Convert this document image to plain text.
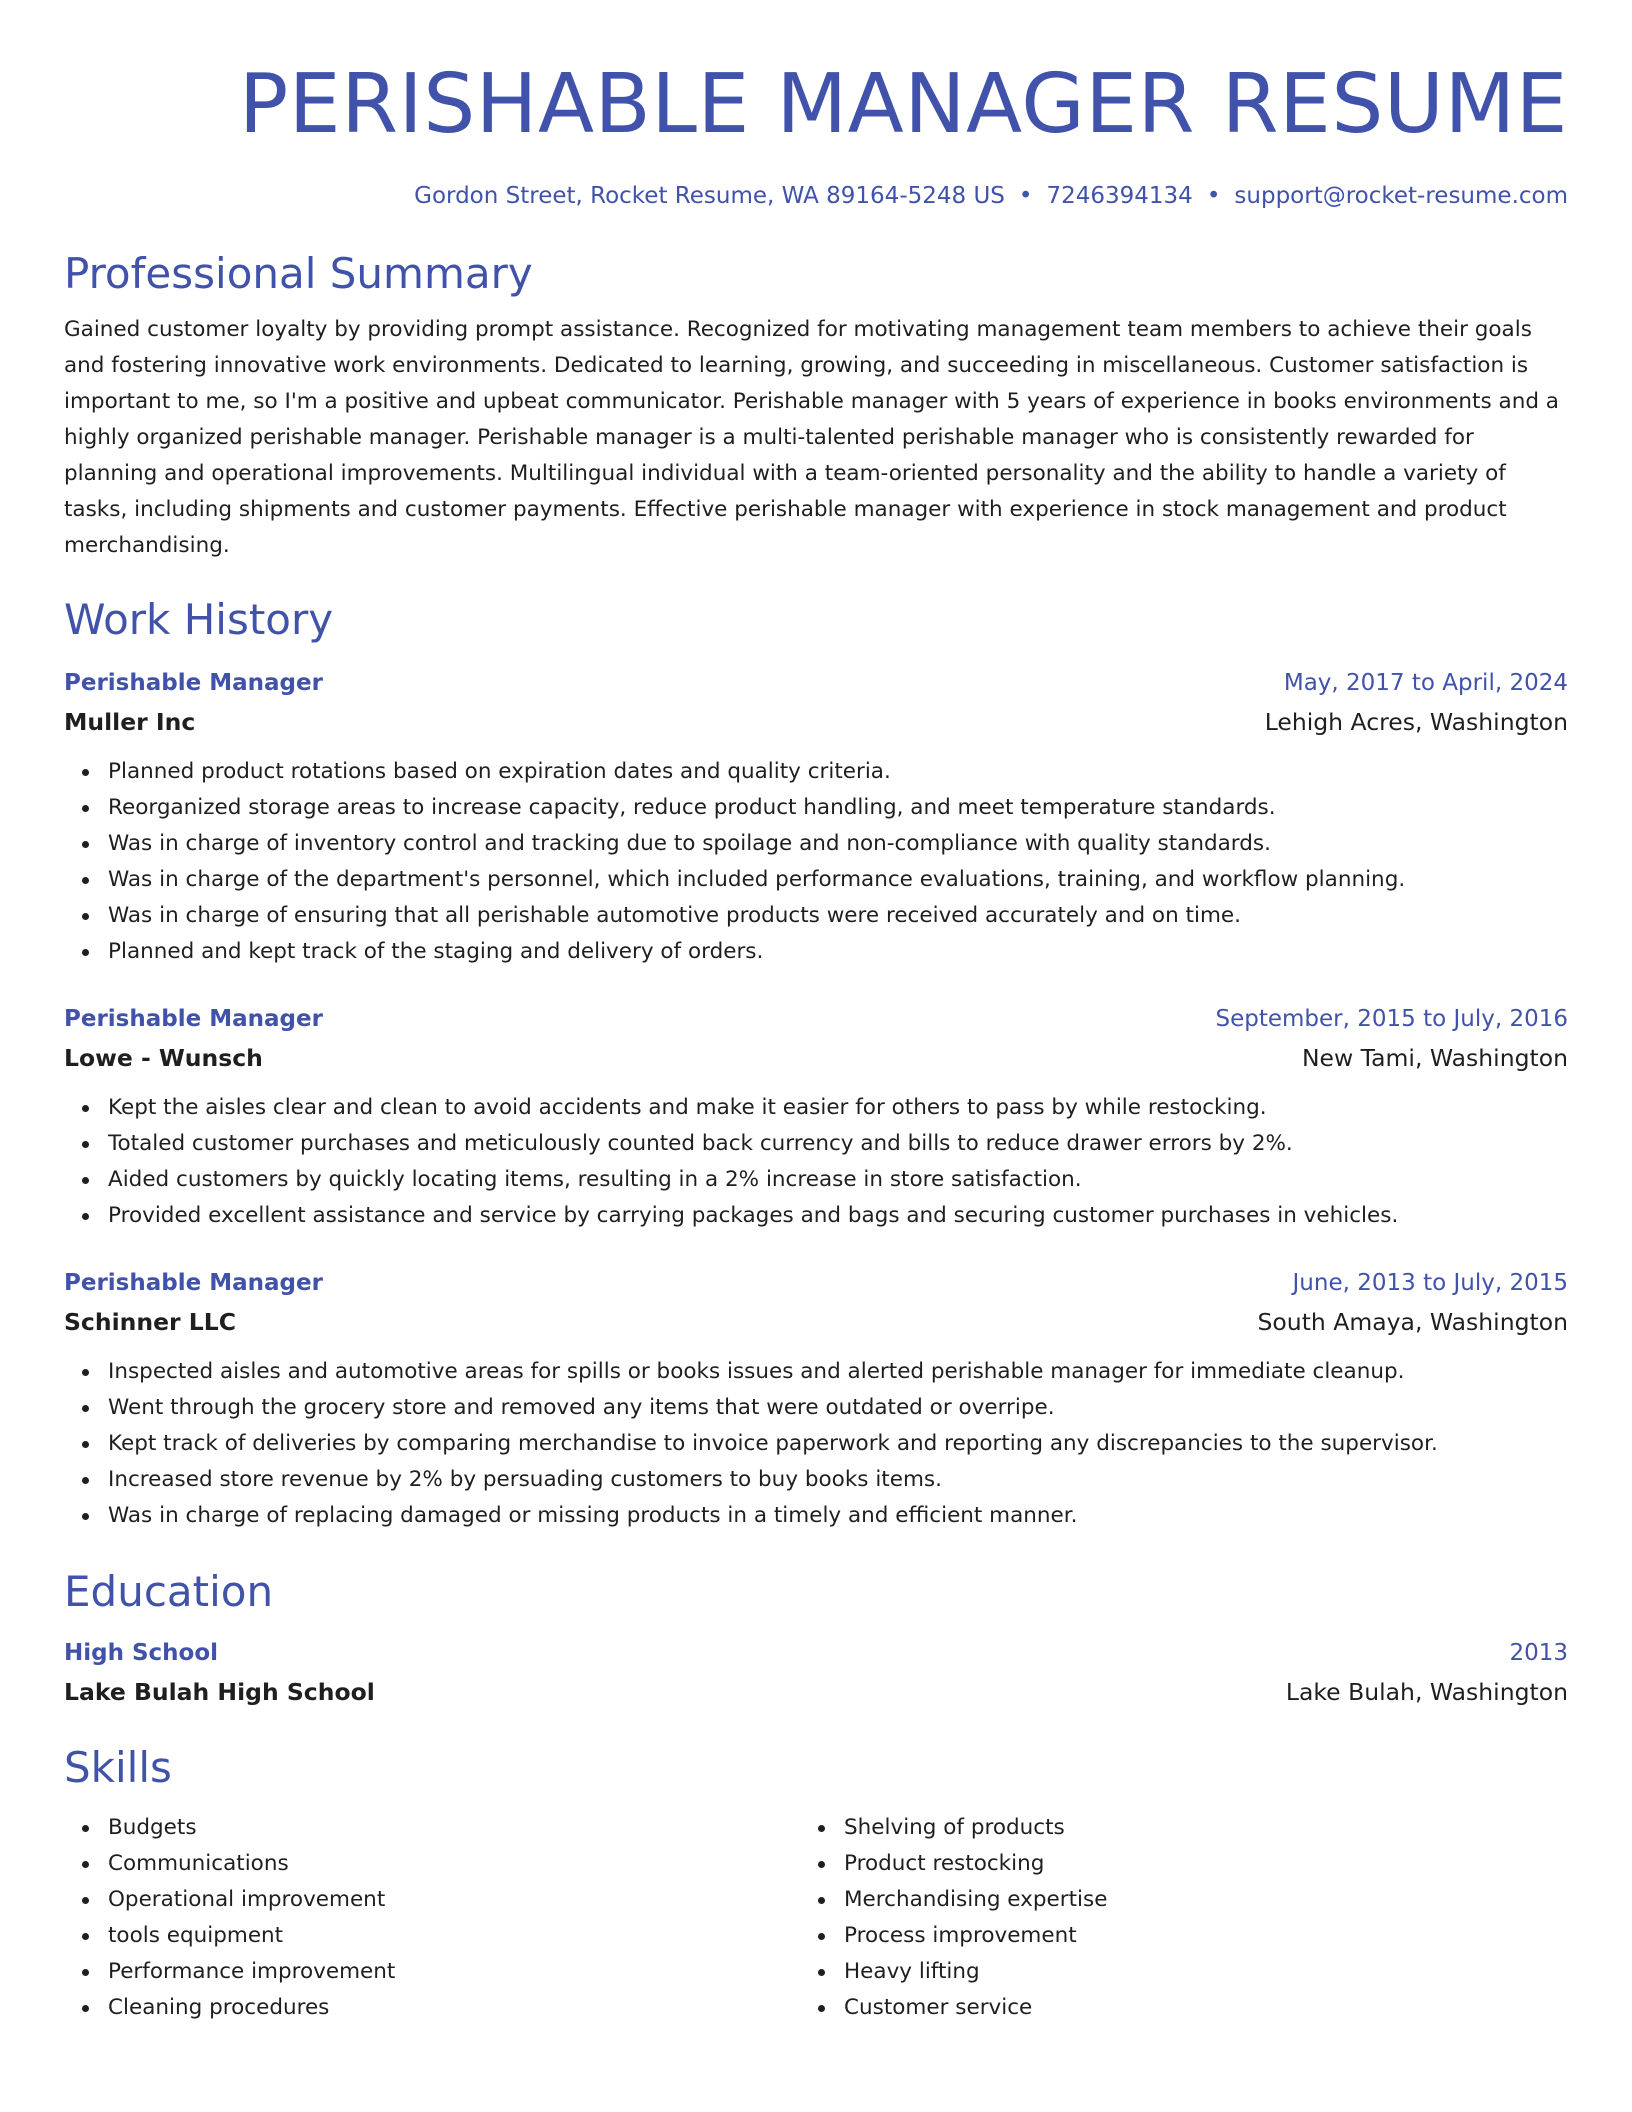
PERISHABLE MANAGER RESUME
Gordon Street, Rocket Resume, WA 89164-5248 US • 7246394134 • support@rocket-resume.com
Professional Summary

Gained customer loyalty by providing prompt assistance. Recognized for motivating management team members to achieve their goals and fostering innovative work environments. Dedicated to learning, growing, and succeeding in miscellaneous. Customer satisfaction is important to me, so I'm a positive and upbeat communicator. Perishable manager with 5 years of experience in books environments and a highly organized perishable manager. Perishable manager is a multi-talented perishable manager who is consistently rewarded for planning and operational improvements. Multilingual individual with a team-oriented personality and the ability to handle a variety of tasks, including shipments and customer payments. Effective perishable manager with experience in stock management and product merchandising.

Work History
Perishable Manager	May, 2017 to April, 2024
Muller Inc	Lehigh Acres, Washington
Planned product rotations based on expiration dates and quality criteria.
Reorganized storage areas to increase capacity, reduce product handling, and meet temperature standards.
Was in charge of inventory control and tracking due to spoilage and non-compliance with quality standards.
Was in charge of the department's personnel, which included performance evaluations, training, and workflow planning.
Was in charge of ensuring that all perishable automotive products were received accurately and on time.
Planned and kept track of the staging and delivery of orders.
Perishable Manager	September, 2015 to July, 2016
Lowe - Wunsch	New Tami, Washington
Kept the aisles clear and clean to avoid accidents and make it easier for others to pass by while restocking.
Totaled customer purchases and meticulously counted back currency and bills to reduce drawer errors by 2%.
Aided customers by quickly locating items, resulting in a 2% increase in store satisfaction.
Provided excellent assistance and service by carrying packages and bags and securing customer purchases in vehicles.
Perishable Manager	June, 2013 to July, 2015
Schinner LLC	South Amaya, Washington
Inspected aisles and automotive areas for spills or books issues and alerted perishable manager for immediate cleanup.
Went through the grocery store and removed any items that were outdated or overripe.
Kept track of deliveries by comparing merchandise to invoice paperwork and reporting any discrepancies to the supervisor.
Increased store revenue by 2% by persuading customers to buy books items.
Was in charge of replacing damaged or missing products in a timely and efficient manner.
Education
High School	2013
Lake Bulah High School	Lake Bulah, Washington
Skills
Budgets
Communications
Operational improvement
tools equipment
Performance improvement
Cleaning procedures
Shelving of products
Product restocking
Merchandising expertise
Process improvement
Heavy lifting
Customer service
